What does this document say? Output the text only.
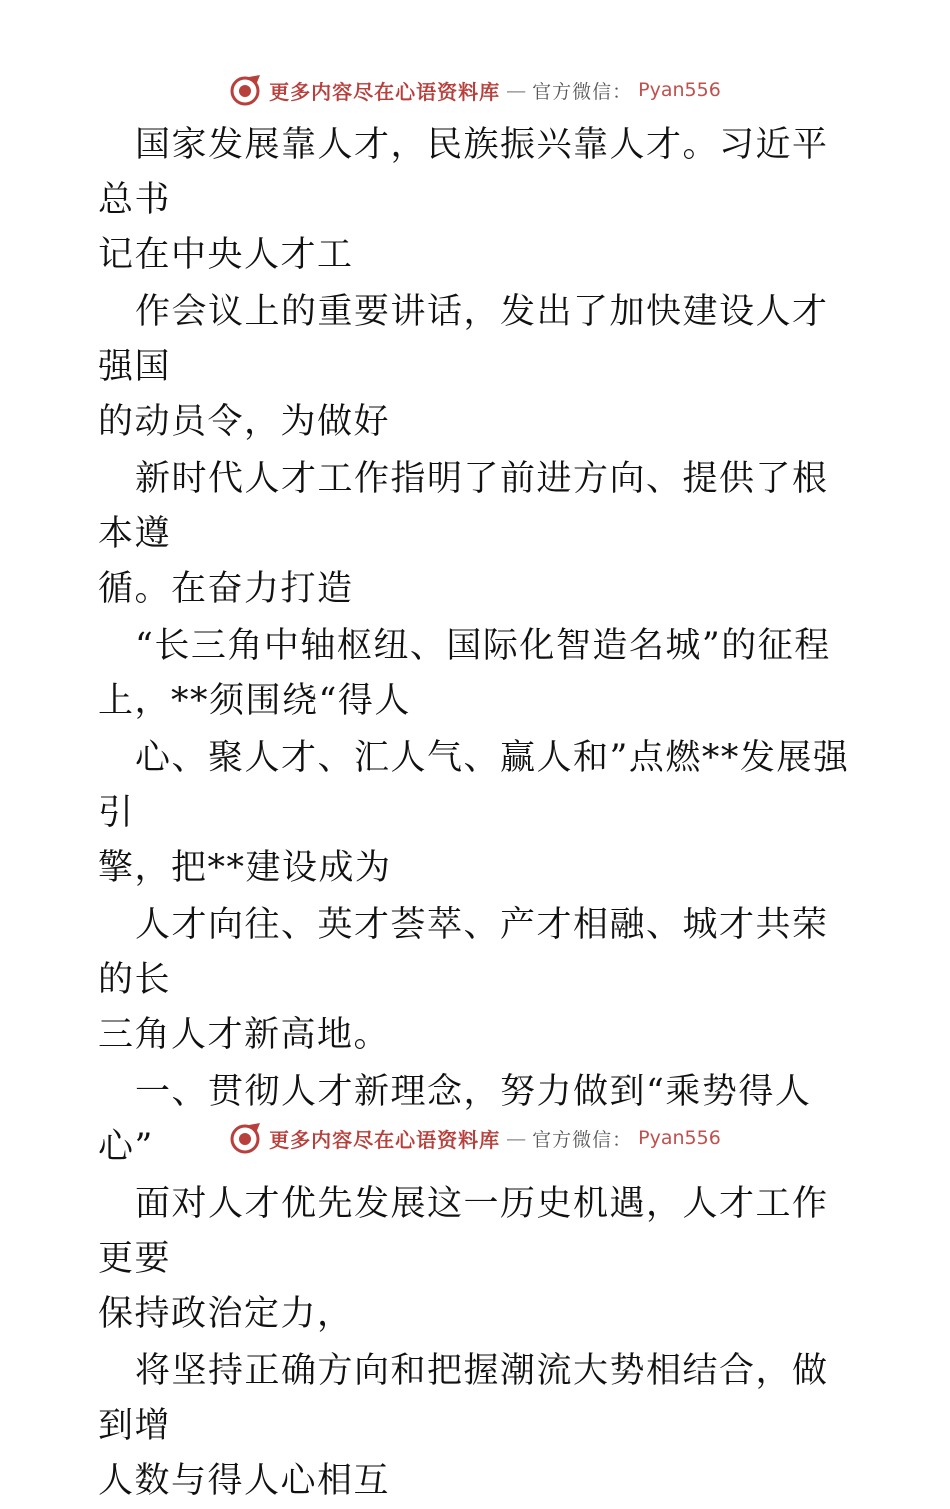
更多内容尽在心语资料库 — 官方微信： Pyan556

国家发展靠人才，民族振兴靠人才。习近平总书

记在中央人才工

作会议上的重要讲话，发出了加快建设人才强国

的动员令，为做好

新时代人才工作指明了前进方向、提供了根本遵

循。在奋力打造

“长三角中轴枢纽、国际化智造名城”的征程

上，**须围绕“得人

心、聚人才、汇人气、赢人和”点燃**发展强引

擎，把**建设成为

人才向往、英才荟萃、产才相融、城才共荣的长

三角人才新高地。

一、贯彻人才新理念，努力做到“乘势得人心”

面对人才优先发展这一历史机遇，人才工作更要

保持政治定力，

将坚持正确方向和把握潮流大势相结合，做到增

人数与得人心相互

更多内容尽在心语资料库 — 官方微信： Pyan556
